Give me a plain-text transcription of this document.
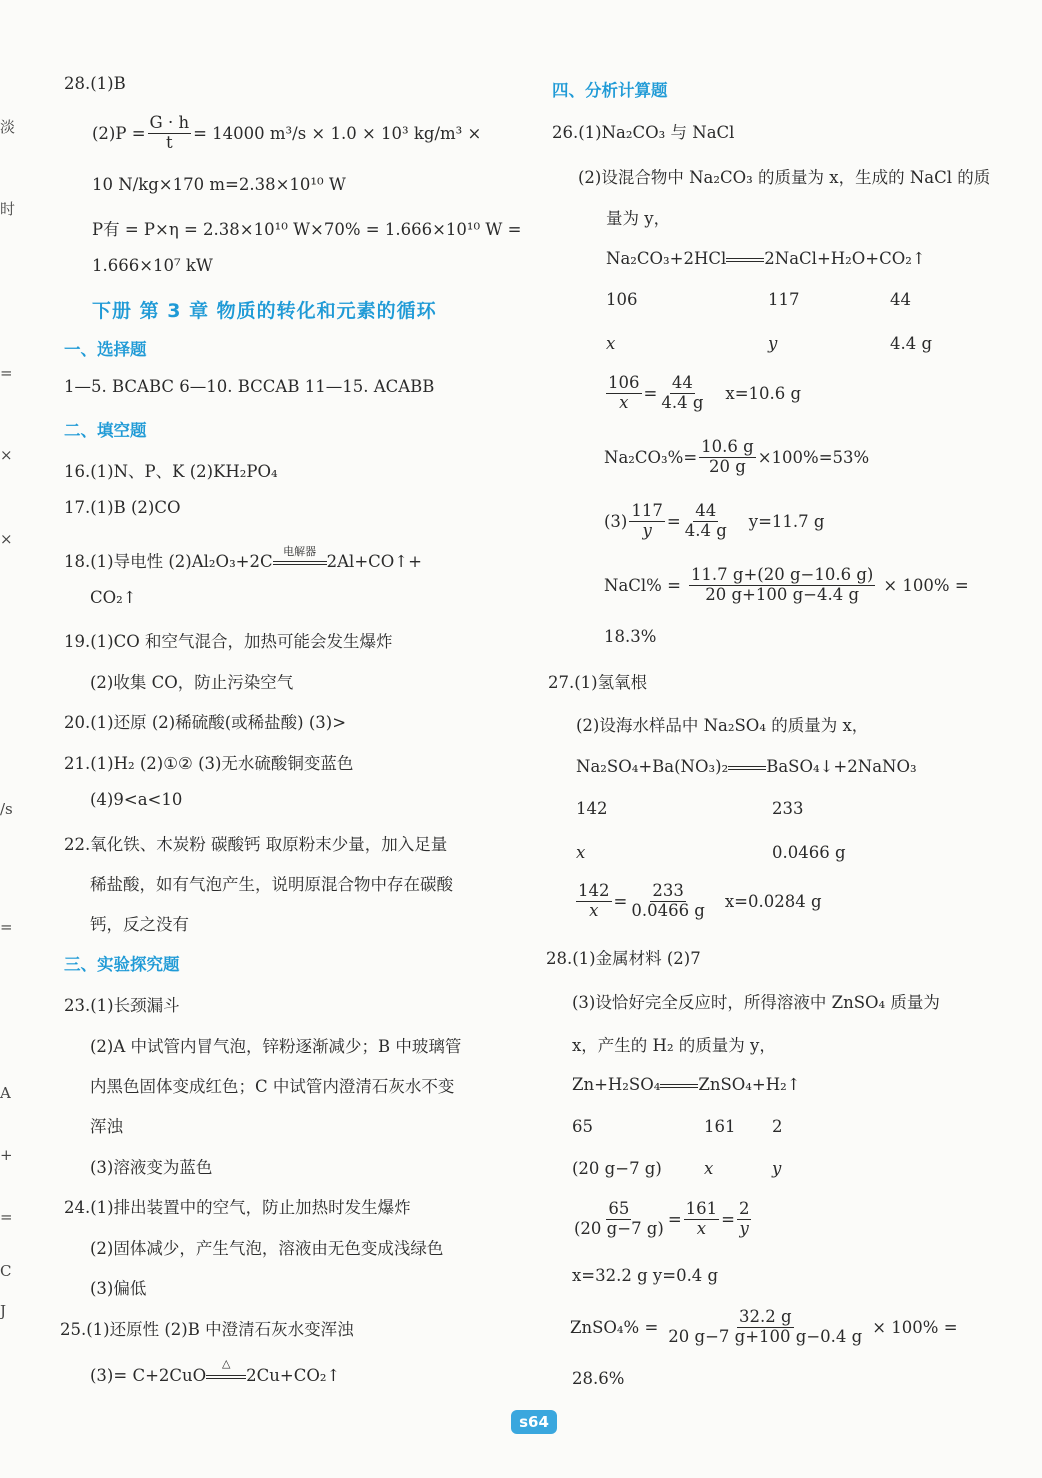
淡
时
=
×
×
/s
=
A
+
=
C
J
28.(1)B
$(2)P = \frac{G \cdot h}{t} = 14000$ m³/s × 1.0 × 10³ kg/m³ ×
10 N/kg×170 m=2.38×10¹⁰ W
P有 = P×η = 2.38×10¹⁰ W×70% = 1.666×10¹⁰ W =
1.666×10⁷ kW
下册 第 3 章 物质的转化和元素的循环
一、选择题
1—5. BCABC 6—10. BCCAB 11—15. ACABB
二、填空题
16.(1)N、P、K (2)KH₂PO₄
17.(1)B (2)CO
18.(1)导电性 (2)Al₂O₃+2C
电解器
2Al+CO↑+
CO₂↑
19.(1)CO 和空气混合，加热可能会发生爆炸
(2)收集 CO，防止污染空气
20.(1)还原 (2)稀硫酸(或稀盐酸) (3)>
21.(1)H₂ (2)①② (3)无水硫酸铜变蓝色
(4)9<a<10
22.氧化铁、木炭粉 碳酸钙 取原粉末少量，加入足量
稀盐酸，如有气泡产生，说明原混合物中存在碳酸
钙，反之没有
三、实验探究题
23.(1)长颈漏斗
(2)A 中试管内冒气泡，锌粉逐渐减少；B 中玻璃管
内黑色固体变成红色；C 中试管内澄清石灰水不变
浑浊
(3)溶液变为蓝色
24.(1)排出装置中的空气，防止加热时发生爆炸
(2)固体减少，产生气泡，溶液由无色变成浅绿色
(3)偏低
25.(1)还原性 (2)B 中澄清石灰水变浑浊
(3)= C+2CuO
△
2Cu+CO₂↑
四、分析计算题
26.(1)Na₂CO₃ 与 NaCl
(2)设混合物中 Na₂CO₃ 的质量为 x，生成的 NaCl 的质
量为 y，
Na₂CO₃+2HCl 2NaCl+H₂O+CO₂↑
106	117	44
x	y	4.4 g
$\frac{106}{x} = \frac{44}{4.4 g} x=10.6$ g
$Na_2CO_3\%= \frac{10.6 g}{20 g} \times 100\%=53\%$
$(3) \frac{117}{y} = \frac{44}{4.4 g} y=11.7$ g
NaCl% = $\frac{11.7 g+(20 g-10.6 g)}{20 g+100 g-4.4 g} \times 100\%$ =
18.3%
27.(1)氢氧根
(2)设海水样品中 Na₂SO₄ 的质量为 x，
Na₂SO₄+Ba(NO₃)₂ BaSO₄↓+2NaNO₃
142	233
x	0.0466 g
$\frac{142}{x} = \frac{233}{0.0466 g} x=0.0284$ g
28.(1)金属材料 (2)7
(3)设恰好完全反应时，所得溶液中 ZnSO₄ 质量为
x，产生的 H₂ 的质量为 y，
Zn+H₂SO₄ ZnSO₄+H₂↑
65	161 2
(20 g−7 g)	x	y
$\frac{65}{(20 g-7 g)} = \frac{161}{x} = \frac{2}{y}$
x=32.2 g y=0.4 g
ZnSO₄% = $\frac{32.2 g}{20 g-7 g+100 g-0.4 g} \times 100\%$ =
28.6%
s64
